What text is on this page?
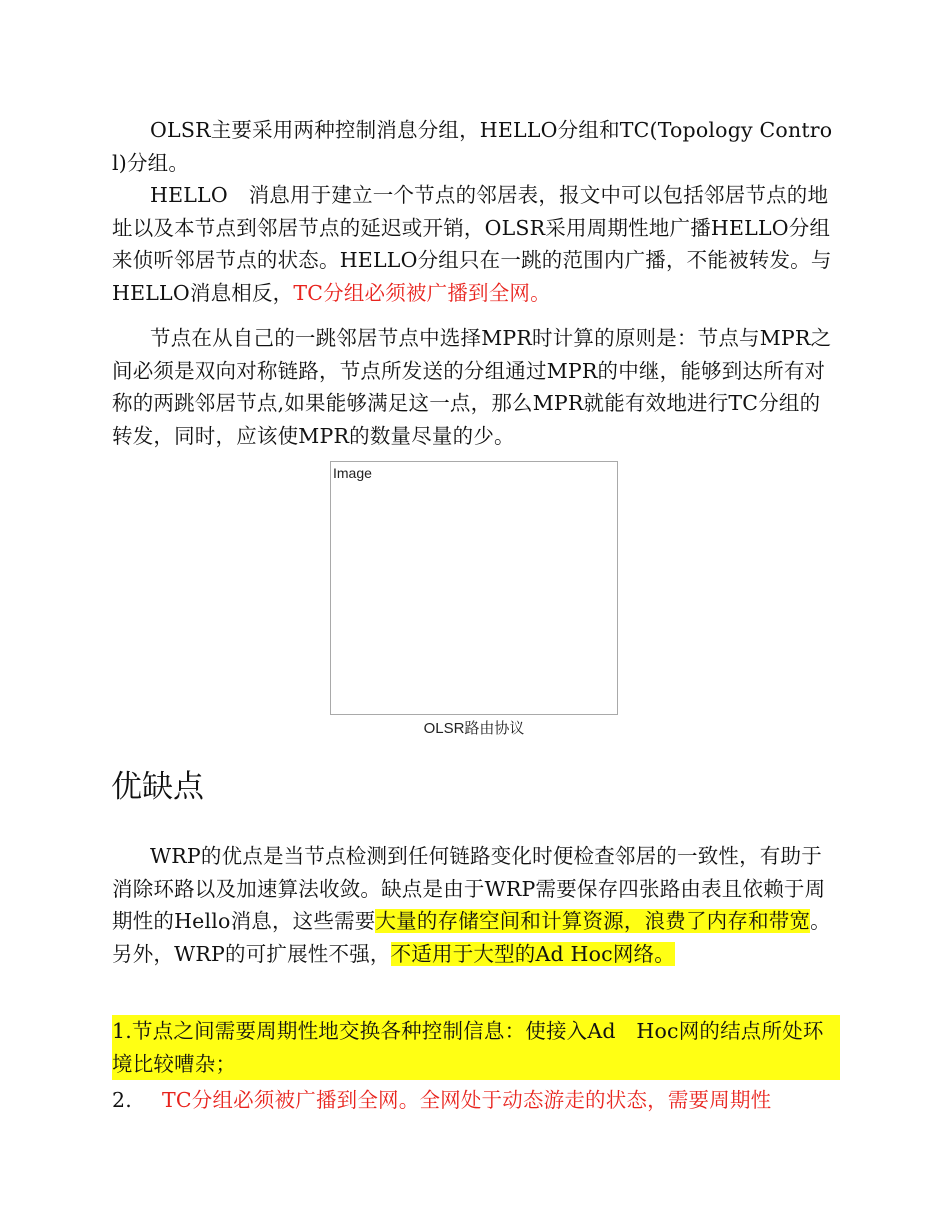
OLSR主要采用两种控制消息分组，HELLO分组和TC(Topology Control)分组。

HELLO　消息用于建立一个节点的邻居表，报文中可以包括邻居节点的地址以及本节点到邻居节点的延迟或开销，OLSR采用周期性地广播HELLO分组来侦听邻居节点的状态。HELLO分组只在一跳的范围内广播，不能被转发。与HELLO消息相反，TC分组必须被广播到全网。

节点在从自己的一跳邻居节点中选择MPR时计算的原则是：节点与MPR之间必须是双向对称链路，节点所发送的分组通过MPR的中继，能够到达所有对称的两跳邻居节点,如果能够满足这一点，那么MPR就能有效地进行TC分组的转发，同时，应该使MPR的数量尽量的少。

Image
OLSR路由协议
优缺点

WRP的优点是当节点检测到任何链路变化时便检查邻居的一致性，有助于消除环路以及加速算法收敛。缺点是由于WRP需要保存四张路由表且依赖于周期性的Hello消息，这些需要大量的存储空间和计算资源，浪费了内存和带宽。另外，WRP的可扩展性不强，不适用于大型的Ad Hoc网络。

1.节点之间需要周期性地交换各种控制信息：使接入Ad　Hoc网的结点所处环境比较嘈杂；

2. TC分组必须被广播到全网。全网处于动态游走的状态，需要周期性
